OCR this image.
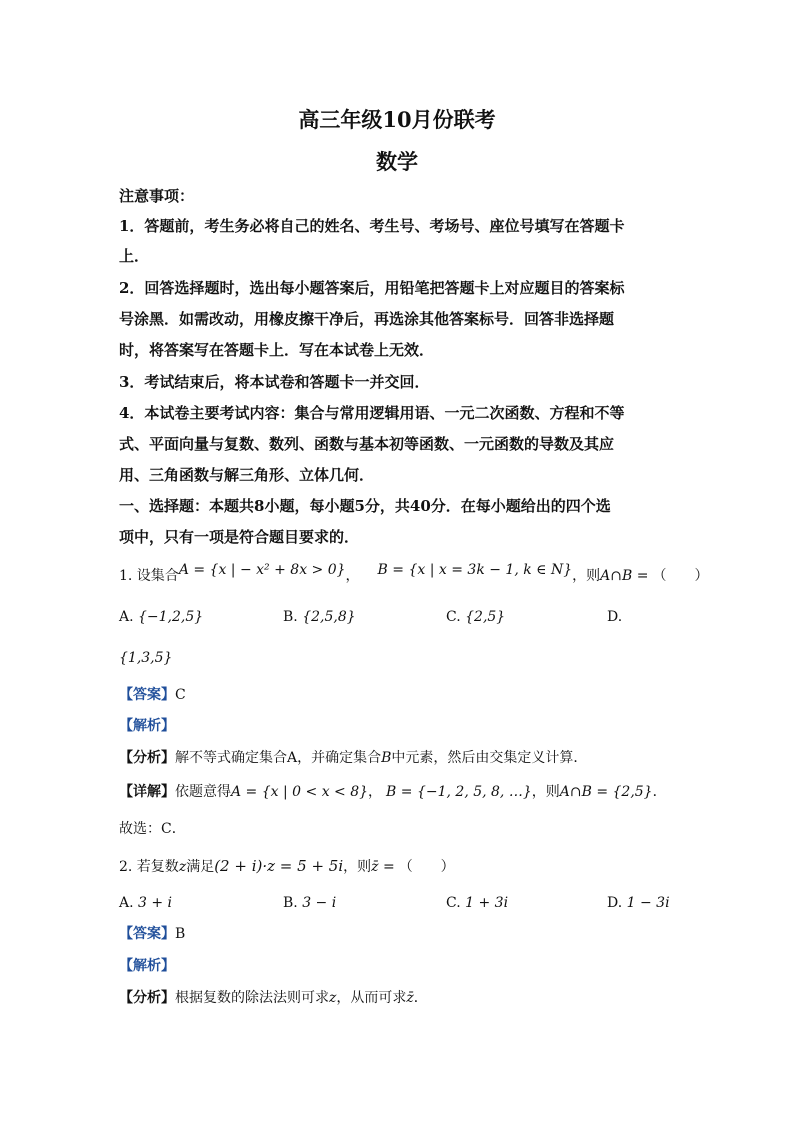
高三年级10月份联考
数学
注意事项：
1．答题前，考生务必将自己的姓名、考生号、考场号、座位号填写在答题卡
上．
2．回答选择题时，选出每小题答案后，用铅笔把答题卡上对应题目的答案标
号涂黑．如需改动，用橡皮擦干净后，再选涂其他答案标号．回答非选择题
时，将答案写在答题卡上．写在本试卷上无效．
3．考试结束后，将本试卷和答题卡一并交回．
4．本试卷主要考试内容：集合与常用逻辑用语、一元二次函数、方程和不等
式、平面向量与复数、数列、函数与基本初等函数、一元函数的导数及其应
用、三角函数与解三角形、立体几何．
一、选择题：本题共8小题，每小题5分，共40分．在每小题给出的四个选
项中，只有一项是符合题目要求的．
1. 设集合A = {x | − x² + 8x > 0}， B = {x | x = 3k − 1, k ∈ N}，则A∩B = （　　）
A. {−1,2,5}	B. {2,5,8}	C. {2,5}	D.
{1,3,5}
【答案】C
【解析】
【分析】解不等式确定集合A，并确定集合B中元素，然后由交集定义计算．
【详解】依题意得A = {x | 0 < x < 8}， B = {−1, 2, 5, 8, …}，则A∩B = {2,5}．
故选：C．
2. 若复数z满足(2 + i)·z = 5 + 5i，则z̄ = （　　）
A. 3 + i	B. 3 − i	C. 1 + 3i	D. 1 − 3i
【答案】B
【解析】
【分析】根据复数的除法法则可求z，从而可求z̄．
